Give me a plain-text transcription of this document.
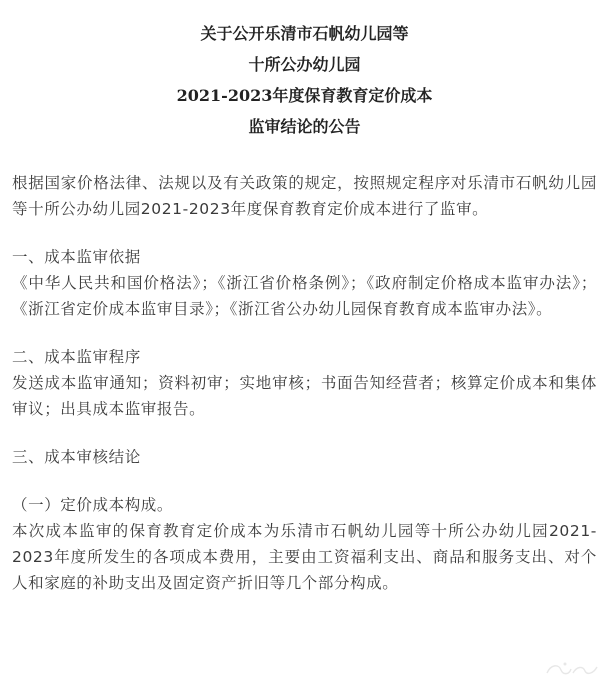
关于公开乐清市石帆幼儿园等

十所公办幼儿园

2021-2023年度保育教育定价成本

监审结论的公告

根据国家价格法律、法规以及有关政策的规定，按照规定程序对乐清市石帆幼儿园等十所公办幼儿园2021-2023年度保育教育定价成本进行了监审。

一、成本监审依据

《中华人民共和国价格法》；《浙江省价格条例》；《政府制定价格成本监审办法》；《浙江省定价成本监审目录》；《浙江省公办幼儿园保育教育成本监审办法》。

二、成本监审程序

发送成本监审通知；资料初审；实地审核；书面告知经营者；核算定价成本和集体审议；出具成本监审报告。

三、成本审核结论

（一）定价成本构成。

本次成本监审的保育教育定价成本为乐清市石帆幼儿园等十所公办幼儿园2021-2023年度所发生的各项成本费用，主要由工资福利支出、商品和服务支出、对个人和家庭的补助支出及固定资产折旧等几个部分构成。
